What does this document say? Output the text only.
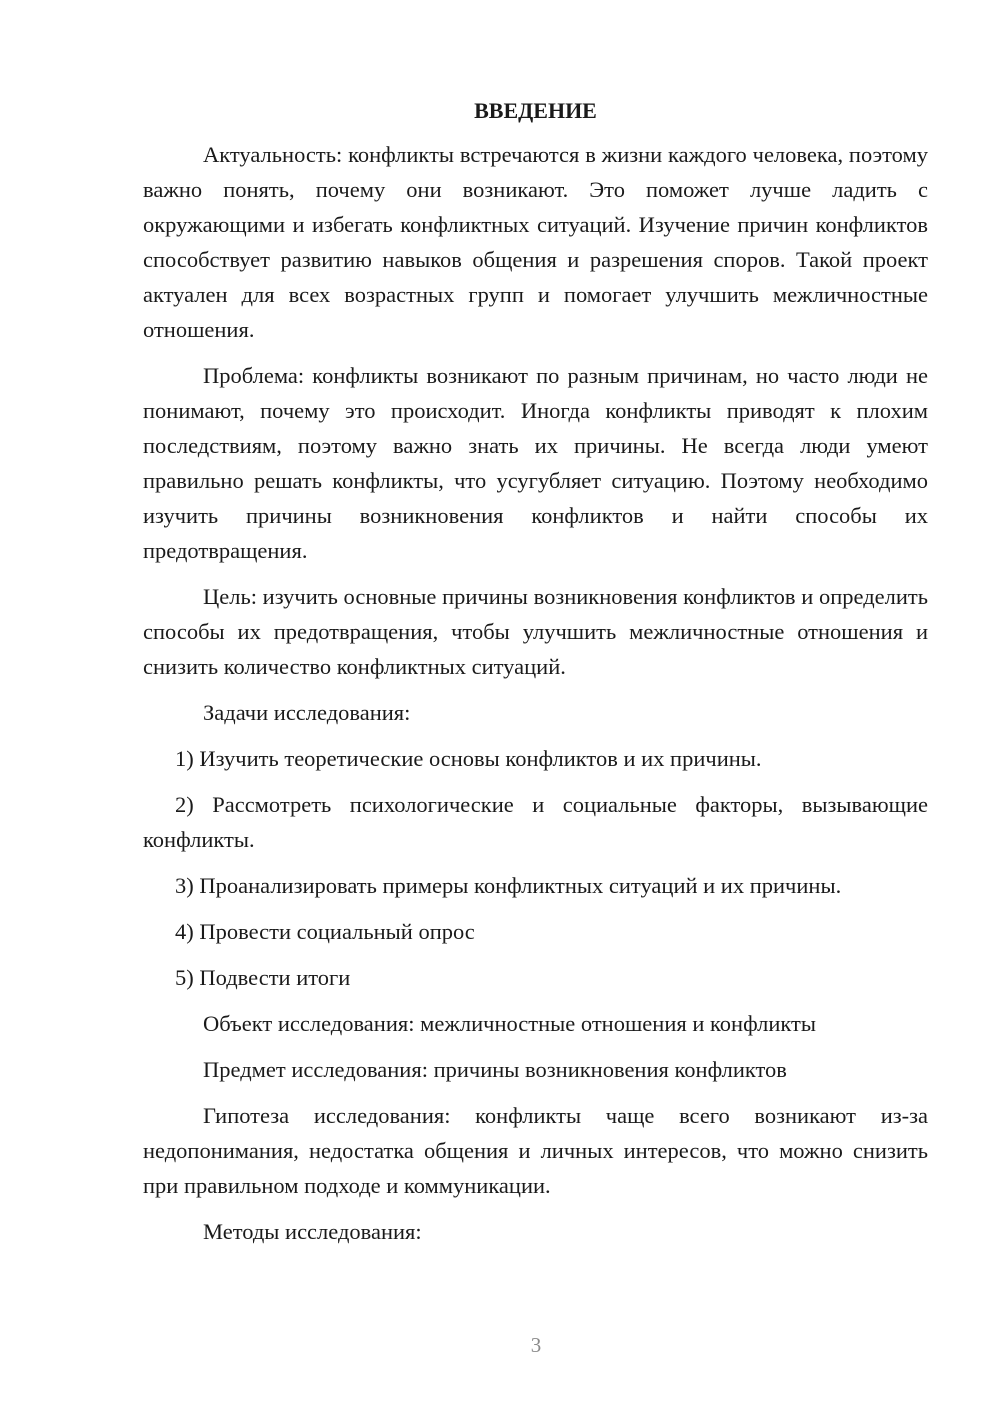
ВВЕДЕНИЕ

Актуальность: конфликты встречаются в жизни каждого человека, поэтому важно понять, почему они возникают. Это поможет лучше ладить с окружающими и избегать конфликтных ситуаций. Изучение причин конфликтов способствует развитию навыков общения и разрешения споров. Такой проект актуален для всех возрастных групп и помогает улучшить межличностные отношения.

Проблема: конфликты возникают по разным причинам, но часто люди не понимают, почему это происходит. Иногда конфликты приводят к плохим последствиям, поэтому важно знать их причины. Не всегда люди умеют правильно решать конфликты, что усугубляет ситуацию. Поэтому необходимо изучить причины возникновения конфликтов и найти способы их предотвращения.

Цель: изучить основные причины возникновения конфликтов и определить способы их предотвращения, чтобы улучшить межличностные отношения и снизить количество конфликтных ситуаций.

Задачи исследования:

1) Изучить теоретические основы конфликтов и их причины.

2) Рассмотреть психологические и социальные факторы, вызывающие конфликты.

3) Проанализировать примеры конфликтных ситуаций и их причины.

4) Провести социальный опрос

5) Подвести итоги

Объект исследования: межличностные отношения и конфликты

Предмет исследования: причины возникновения конфликтов

Гипотеза исследования: конфликты чаще всего возникают из-за недопонимания, недостатка общения и личных интересов, что можно снизить при правильном подходе и коммуникации.

Методы исследования:

3
